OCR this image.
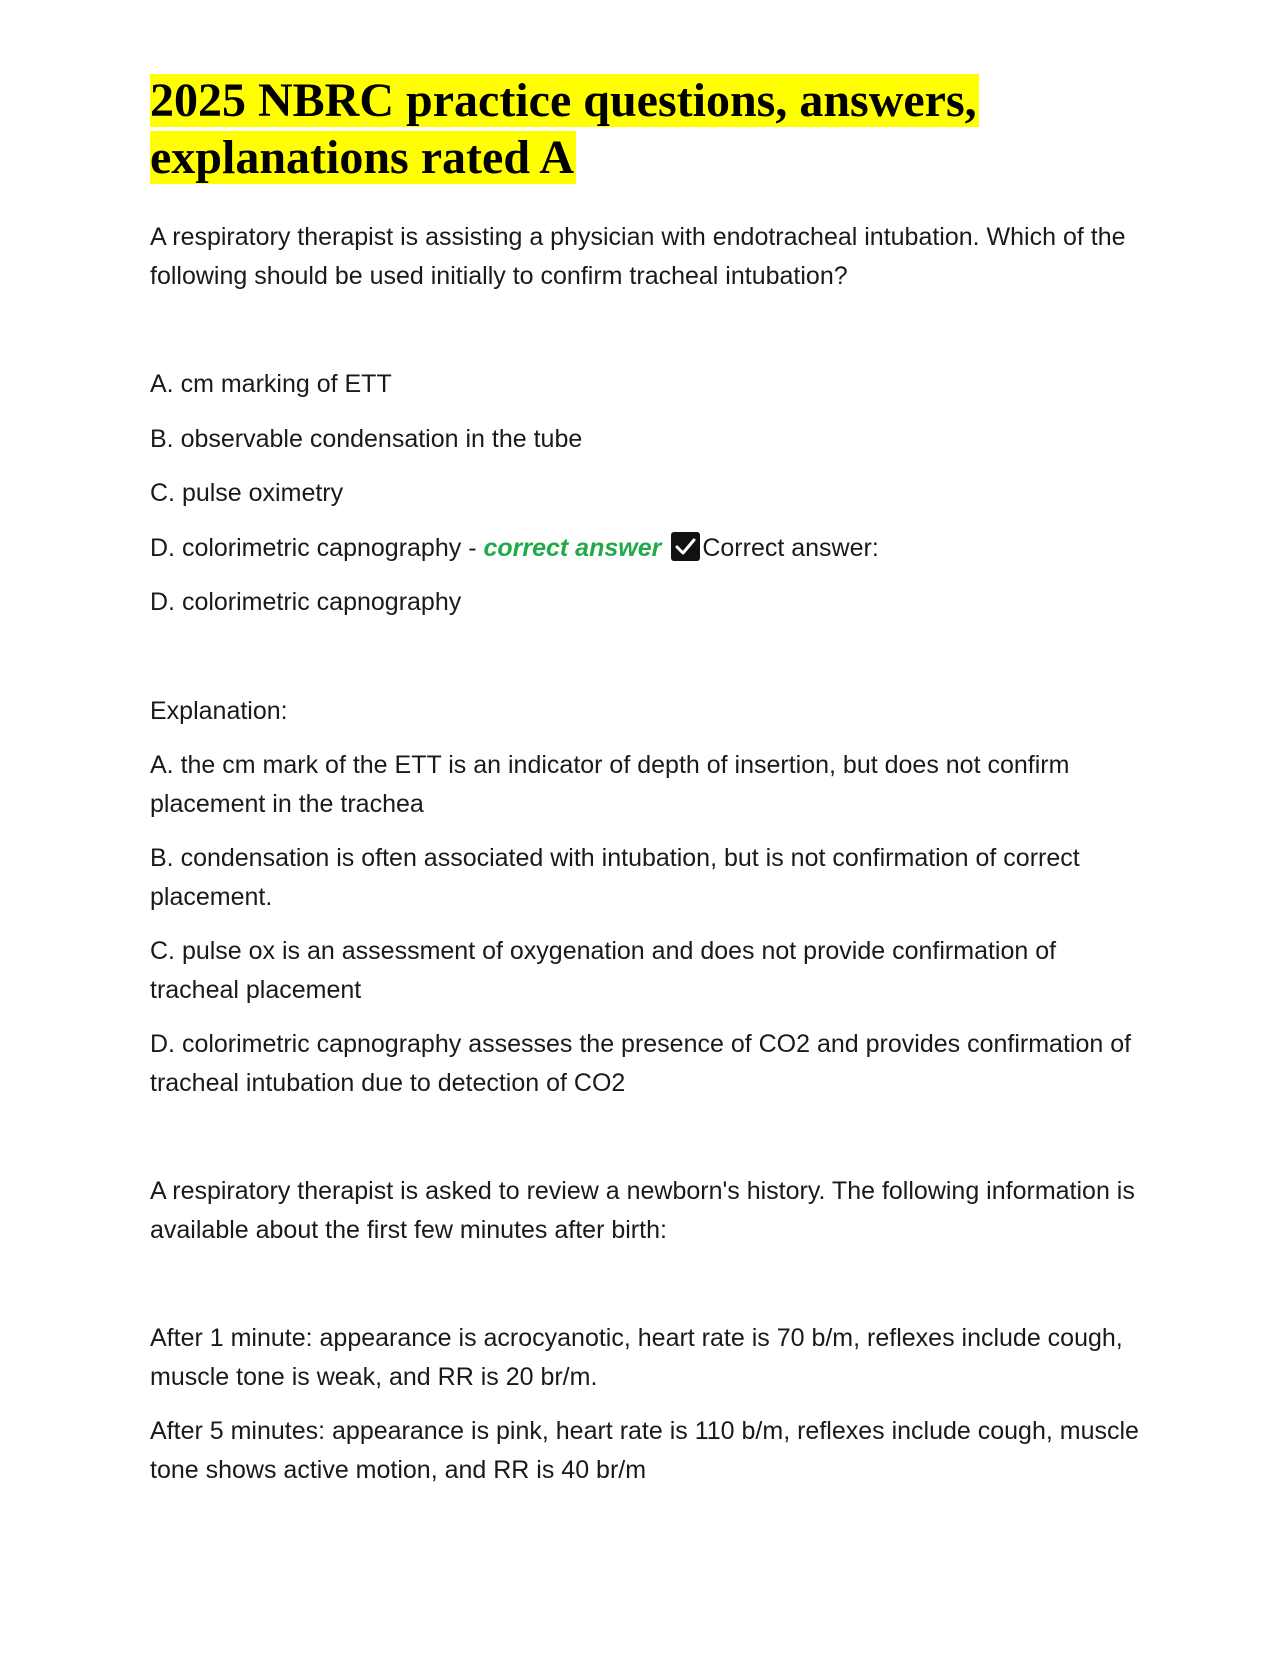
2025 NBRC practice questions, answers, explanations rated A

A respiratory therapist is assisting a physician with endotracheal intubation. Which of the following should be used initially to confirm tracheal intubation?

A. cm marking of ETT

B. observable condensation in the tube

C. pulse oximetry

D. colorimetric capnography - correct answer Correct answer:

D. colorimetric capnography

Explanation:

A. the cm mark of the ETT is an indicator of depth of insertion, but does not confirm placement in the trachea

B. condensation is often associated with intubation, but is not confirmation of correct placement.

C. pulse ox is an assessment of oxygenation and does not provide confirmation of tracheal placement

D. colorimetric capnography assesses the presence of CO2 and provides confirmation of tracheal intubation due to detection of CO2

A respiratory therapist is asked to review a newborn's history. The following information is available about the first few minutes after birth:

After 1 minute: appearance is acrocyanotic, heart rate is 70 b/m, reflexes include cough, muscle tone is weak, and RR is 20 br/m.

After 5 minutes: appearance is pink, heart rate is 110 b/m, reflexes include cough, muscle tone shows active motion, and RR is 40 br/m
